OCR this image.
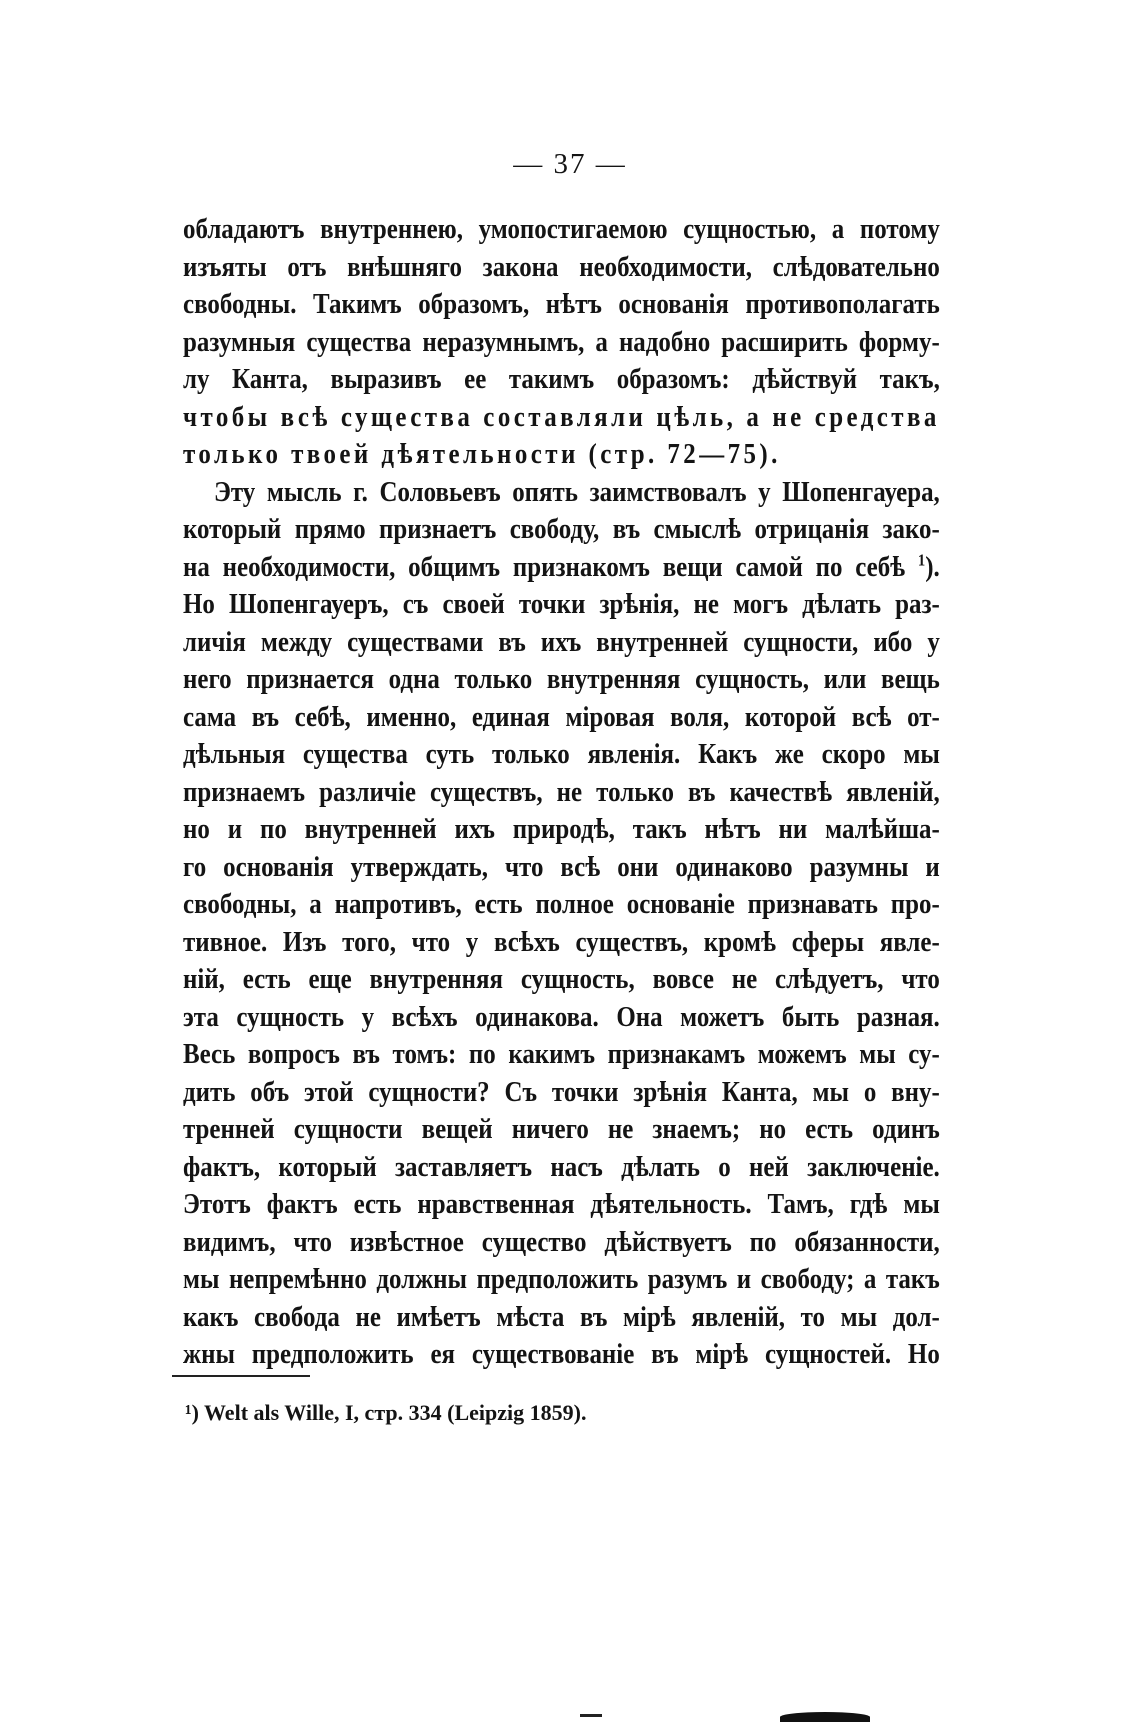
— 37 —
обладаютъ внутреннею, умопостигаемою сущностью, а потому
изъяты отъ внѣшняго закона необходимости, слѣдовательно
свободны. Такимъ образомъ, нѣтъ основанія противополагать
разумныя существа неразумнымъ, а надобно расширить форму-
лу Канта, выразивъ ее такимъ образомъ: дѣйствуй такъ,
чтобы всѣ существа составляли цѣль, а не средства
только твоей дѣятельности (стр. 72—75).
Эту мысль г. Соловьевъ опять заимствовалъ у Шопенгауера,
который прямо признаетъ свободу, въ смыслѣ отрицанія зако-
на необходимости, общимъ признакомъ вещи самой по себѣ $^1$).
Но Шопенгауеръ, съ своей точки зрѣнія, не могъ дѣлать раз-
личія между существами въ ихъ внутренней сущности, ибо у
него признается одна только внутренняя сущность, или вещь
сама въ себѣ, именно, единая міровая воля, которой всѣ от-
дѣльныя существа суть только явленія. Какъ же скоро мы
признаемъ различіе существъ, не только въ качествѣ явленій,
но и по внутренней ихъ природѣ, такъ нѣтъ ни малѣйша-
го основанія утверждать, что всѣ они одинаково разумны и
свободны, а напротивъ, есть полное основаніе признавать про-
тивное. Изъ того, что у всѣхъ существъ, кромѣ сферы явле-
ній, есть еще внутренняя сущность, вовсе не слѣдуетъ, что
эта сущность у всѣхъ одинакова. Она можетъ быть разная.
Весь вопросъ въ томъ: по какимъ признакамъ можемъ мы су-
дить объ этой сущности? Съ точки зрѣнія Канта, мы о вну-
тренней сущности вещей ничего не знаемъ; но есть одинъ
фактъ, который заставляетъ насъ дѣлать о ней заключеніе.
Этотъ фактъ есть нравственная дѣятельность. Тамъ, гдѣ мы
видимъ, что извѣстное существо дѣйствуетъ по обязанности,
мы непремѣнно должны предположить разумъ и свободу; а такъ
какъ свобода не имѣетъ мѣста въ мірѣ явленій, то мы дол-
жны предположить ея существованіе въ мірѣ сущностей. Но
¹) Welt als Wille, I, стр. 334 (Leipzig 1859).
